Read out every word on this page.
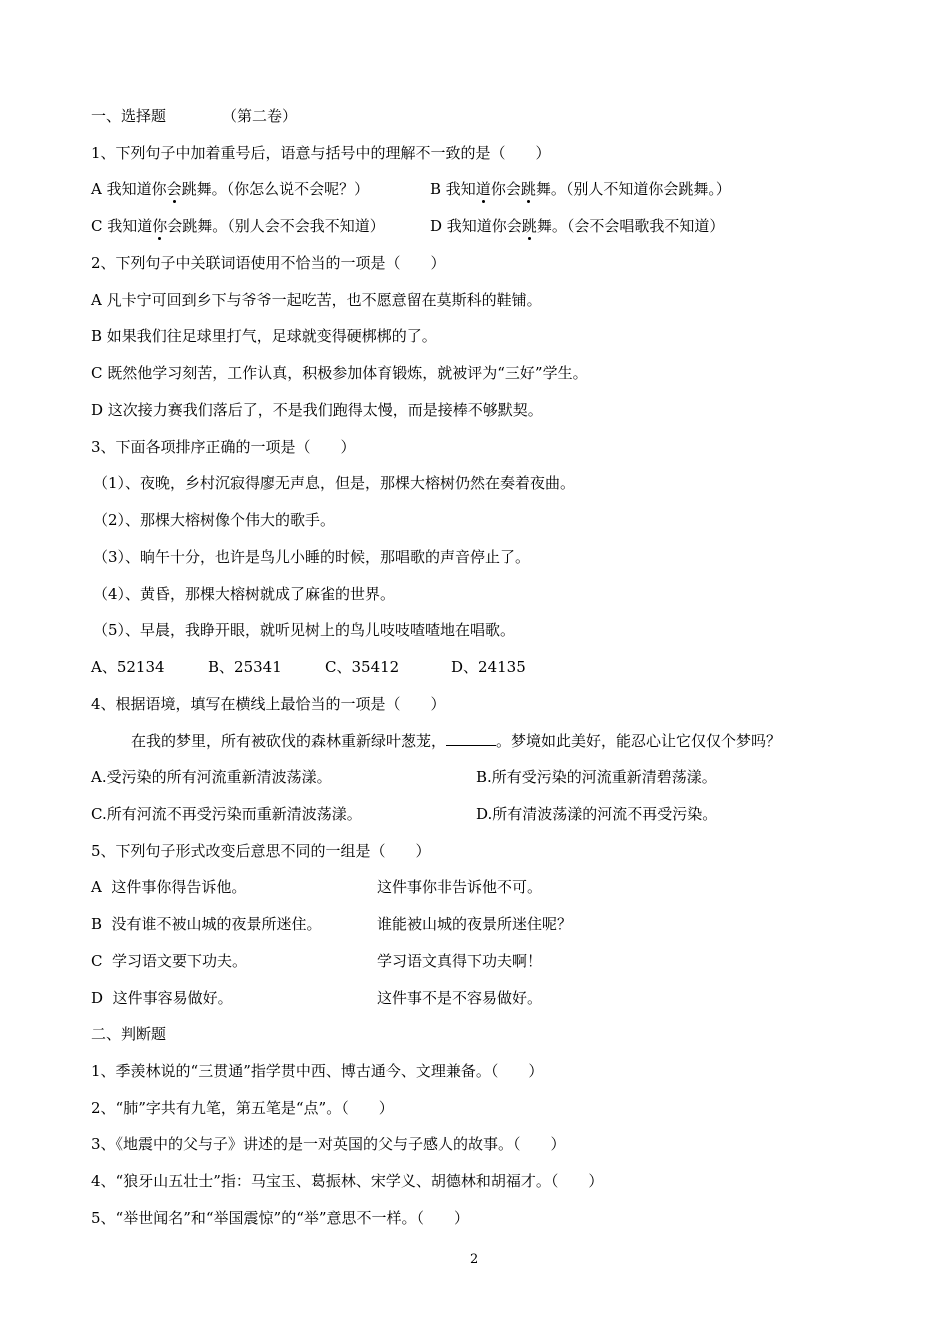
一、选择题	（第二卷）
1、下列句子中加着重号后，语意与括号中的理解不一致的是（　　）
A 我知道你会跳舞。（你怎么说不会呢？）	B 我知道你会跳舞。（别人不知道你会跳舞。）
C 我知道你会跳舞。（别人会不会我不知道）	D 我知道你会跳舞。（会不会唱歌我不知道）
2、下列句子中关联词语使用不恰当的一项是（　　）
A 凡卡宁可回到乡下与爷爷一起吃苦，也不愿意留在莫斯科的鞋铺。
B 如果我们往足球里打气，足球就变得硬梆梆的了。
C 既然他学习刻苦，工作认真，积极参加体育锻炼，就被评为“三好”学生。
D 这次接力赛我们落后了，不是我们跑得太慢，而是接棒不够默契。
3、下面各项排序正确的一项是（　　）
（1）、夜晚，乡村沉寂得廖无声息，但是，那棵大榕树仍然在奏着夜曲。
（2）、那棵大榕树像个伟大的歌手。
（3）、晌午十分，也许是鸟儿小睡的时候，那唱歌的声音停止了。
（4）、黄昏，那棵大榕树就成了麻雀的世界。
（5）、早晨，我睁开眼，就听见树上的鸟儿吱吱喳喳地在唱歌。
A、52134	B、25341	C、35412	D、24135
4、根据语境，填写在横线上最恰当的一项是（　　）
在我的梦里，所有被砍伐的森林重新绿叶葱茏，	。梦境如此美好，能忍心让它仅仅个梦吗？
A.受污染的所有河流重新清波荡漾。	B.所有受污染的河流重新清碧荡漾。
C.所有河流不再受污染而重新清波荡漾。	D.所有清波荡漾的河流不再受污染。
5、下列句子形式改变后意思不同的一组是（　　）
A  这件事你得告诉他。	这件事你非告诉他不可。
B  没有谁不被山城的夜景所迷住。	谁能被山城的夜景所迷住呢？
C  学习语文要下功夫。	学习语文真得下功夫啊！
D  这件事容易做好。	这件事不是不容易做好。
二、判断题
1、季羡林说的“三贯通”指学贯中西、博古通今、文理兼备。（　　）
2、“肺”字共有九笔，第五笔是“点”。（　　）
3、《地震中的父与子》讲述的是一对英国的父与子感人的故事。（　　）
4、“狼牙山五壮士”指：马宝玉、葛振林、宋学义、胡德林和胡福才。（　　）
5、“举世闻名”和“举国震惊”的“举”意思不一样。（　　）
2
